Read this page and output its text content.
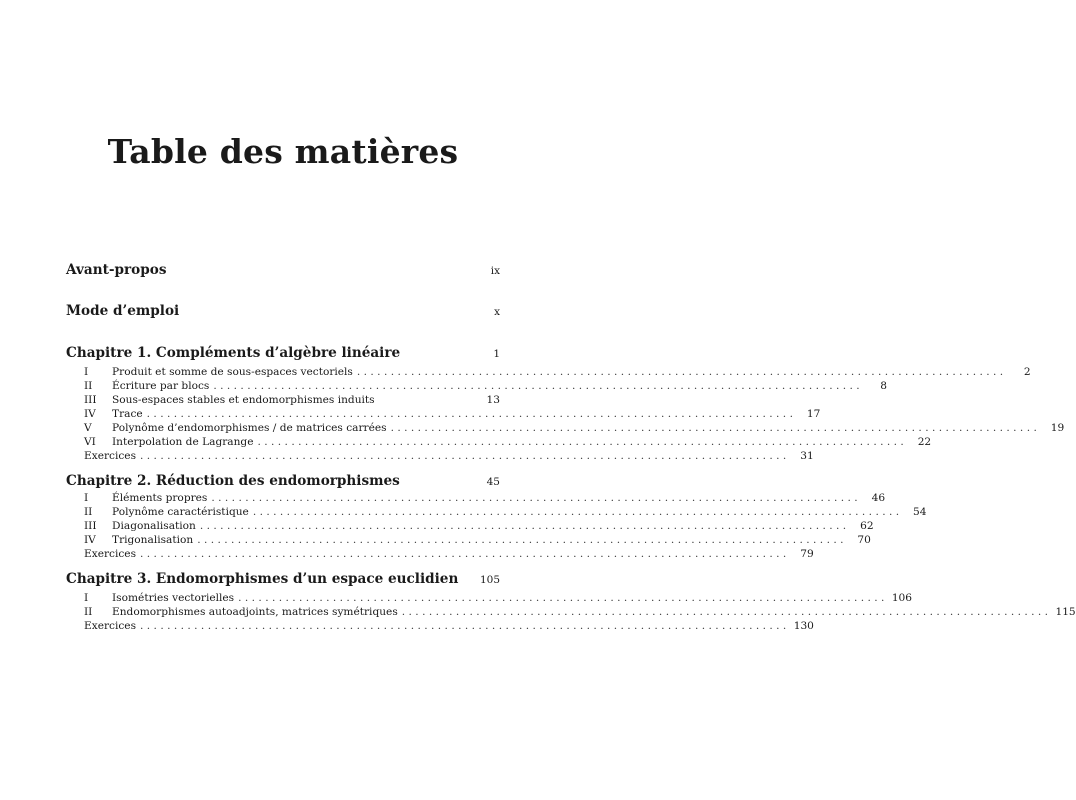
Table des matières
Avant-propos	ix
Mode d’emploi	x
Chapitre 1. Compléments d’algèbre linéaire	1
I	Produit et somme de sous-espaces vectoriels ................................................................................................	2
II	Écriture par blocs ................................................................................................	8
III	Sous-espaces stables et endomorphismes induits	13
IV	Trace ................................................................................................ 17
V	Polynôme d’endomorphismes / de matrices carrées ................................................................................................ 19
VI	Interpolation de Lagrange ................................................................................................ 22
Exercices ................................................................................................ 31
Chapitre 2. Réduction des endomorphismes	45
I	Éléments propres ................................................................................................ 46
II	Polynôme caractéristique ................................................................................................ 54
III	Diagonalisation ................................................................................................ 62
IV	Trigonalisation ................................................................................................ 70
Exercices ................................................................................................ 79
Chapitre 3. Endomorphismes d’un espace euclidien 105
I	Isométries vectorielles ................................................................................................ 106
II	Endomorphismes autoadjoints, matrices symétriques ................................................................................................ 115
Exercices ................................................................................................ 130
